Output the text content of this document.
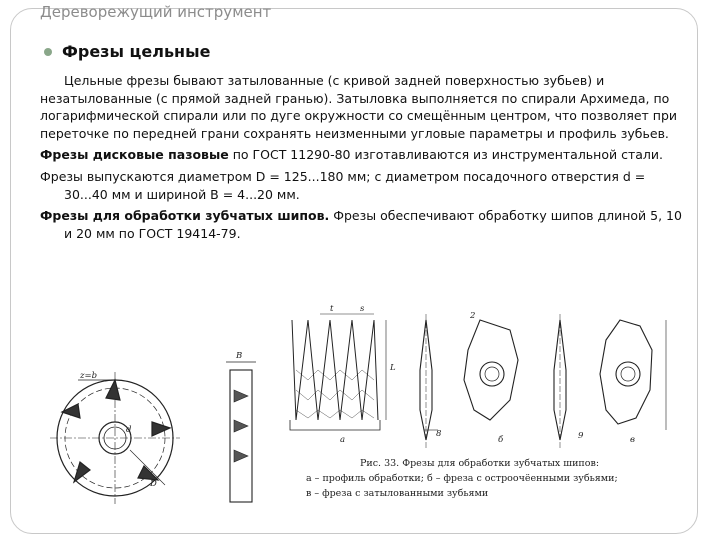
Дереворежущий инструмент
Фрезы цельные

Цельные фрезы бывают затылованные (с кривой задней поверхностью зубьев) и незатылованные (с прямой задней гранью). Затыловка выполняется по спирали Архимеда, по логарифмической спирали или по дуге окружности со смещённым центром, что позволяет при переточке по передней грани сохранять неизменными угловые параметры и профиль зубьев.

Фрезы дисковые пазовые по ГОСТ 11290-80 изготавливаются из инструментальной стали.

Фрезы выпускаются диаметром D = 125...180 мм; с диаметром посадочного отверстия d = 30...40 мм и шириной B = 4...20 мм.

Фрезы для обработки зубчатых шипов. Фрезы обеспечивают обработку шипов длиной 5, 10 и 20 мм по ГОСТ 19414-79.

z=b
d
D
B
t	s
L
а
2
8
б	9	в
Рис. 33. Фрезы для обработки зубчатых шипов:
а – профиль обработки; б – фреза с остроочёенными зубьями;
в – фреза с затылованными зубьями
